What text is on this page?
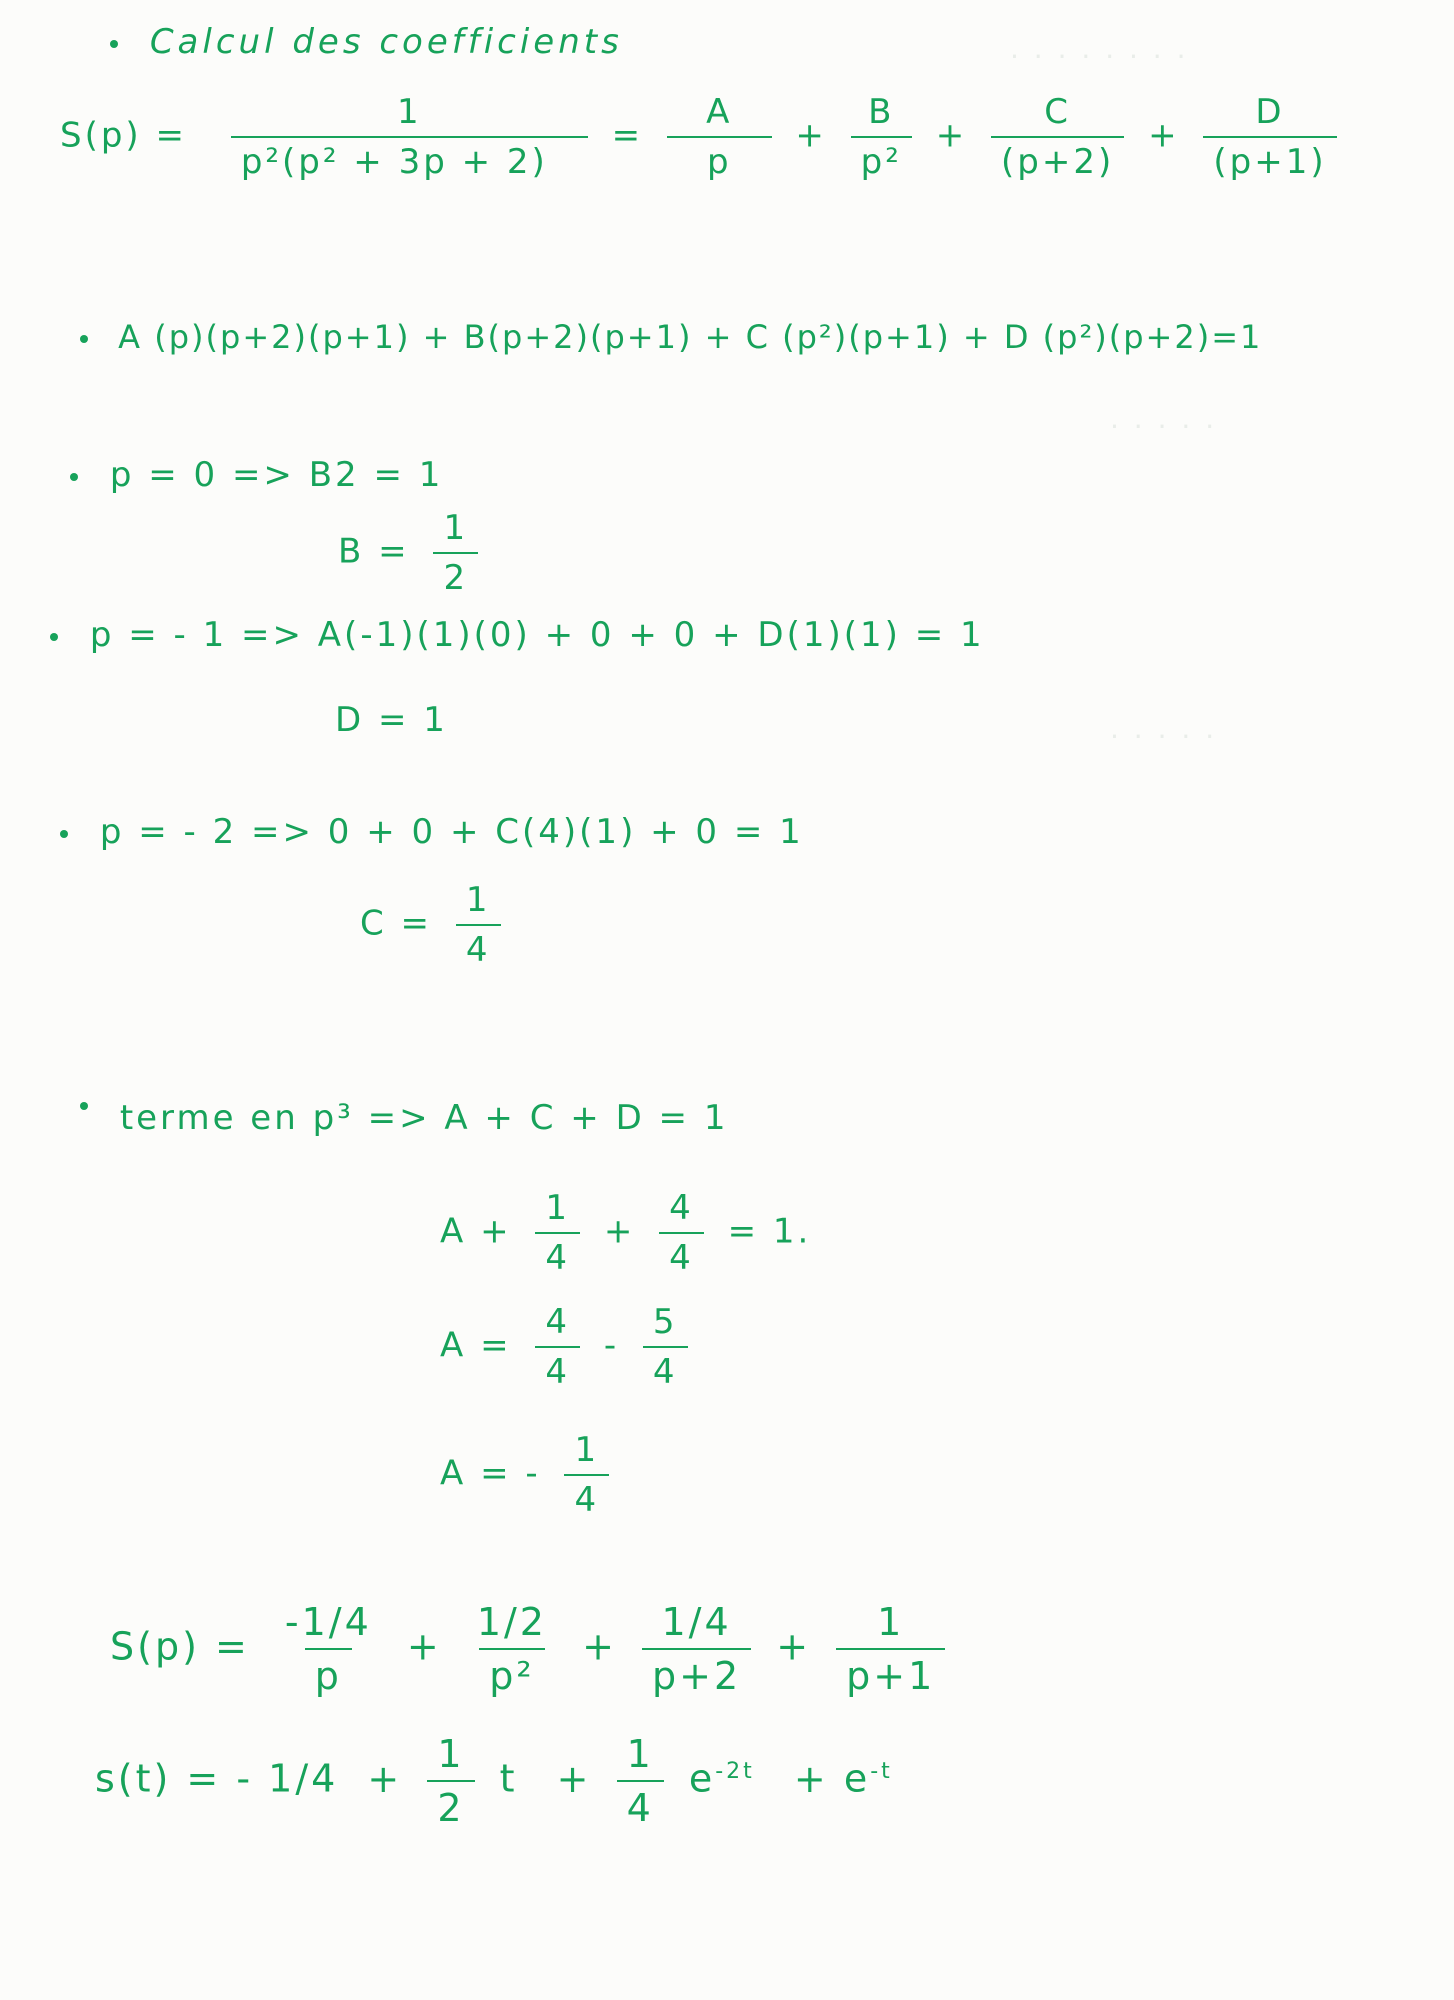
· · · · · · · ·
· · · · ·
· · · · ·
Calcul des coefficients
$S(p) = \frac{1}{\text{p²(p² + 3p + 2)}} = \frac{A}{p} + \frac{B}{\text{p²}} + \frac{C}{(p+2)} + \frac{D}{(p+1)}$
A (p)(p+2)(p+1) + B(p+2)(p+1) + C (p²)(p+1) + D (p²)(p+2)=1
p = 0 => B2 = 1
$B = \frac{1}{2}$
p = - 1 => A(-1)(1)(0) + 0 + 0 + D(1)(1) = 1
D = 1
p = - 2 => 0 + 0 + C(4)(1) + 0 = 1
$C = \frac{1}{4}$
terme en p³ => A + C + D = 1
$A + \frac{1}{4} + \frac{4}{4} = 1$.
$A = \frac{4}{4} - \frac{5}{4}$
A = - $\frac{1}{4}$
$S(p) = \frac{-1/4}{p} + \frac{1/2}{\text{p²}} + \frac{1/4}{p+2} + \frac{1}{p+1}$
s(t) = - $1/4 + \frac{1}{2}$ $t + \frac{1}{4} e^{-2t} + e^{-t}$
